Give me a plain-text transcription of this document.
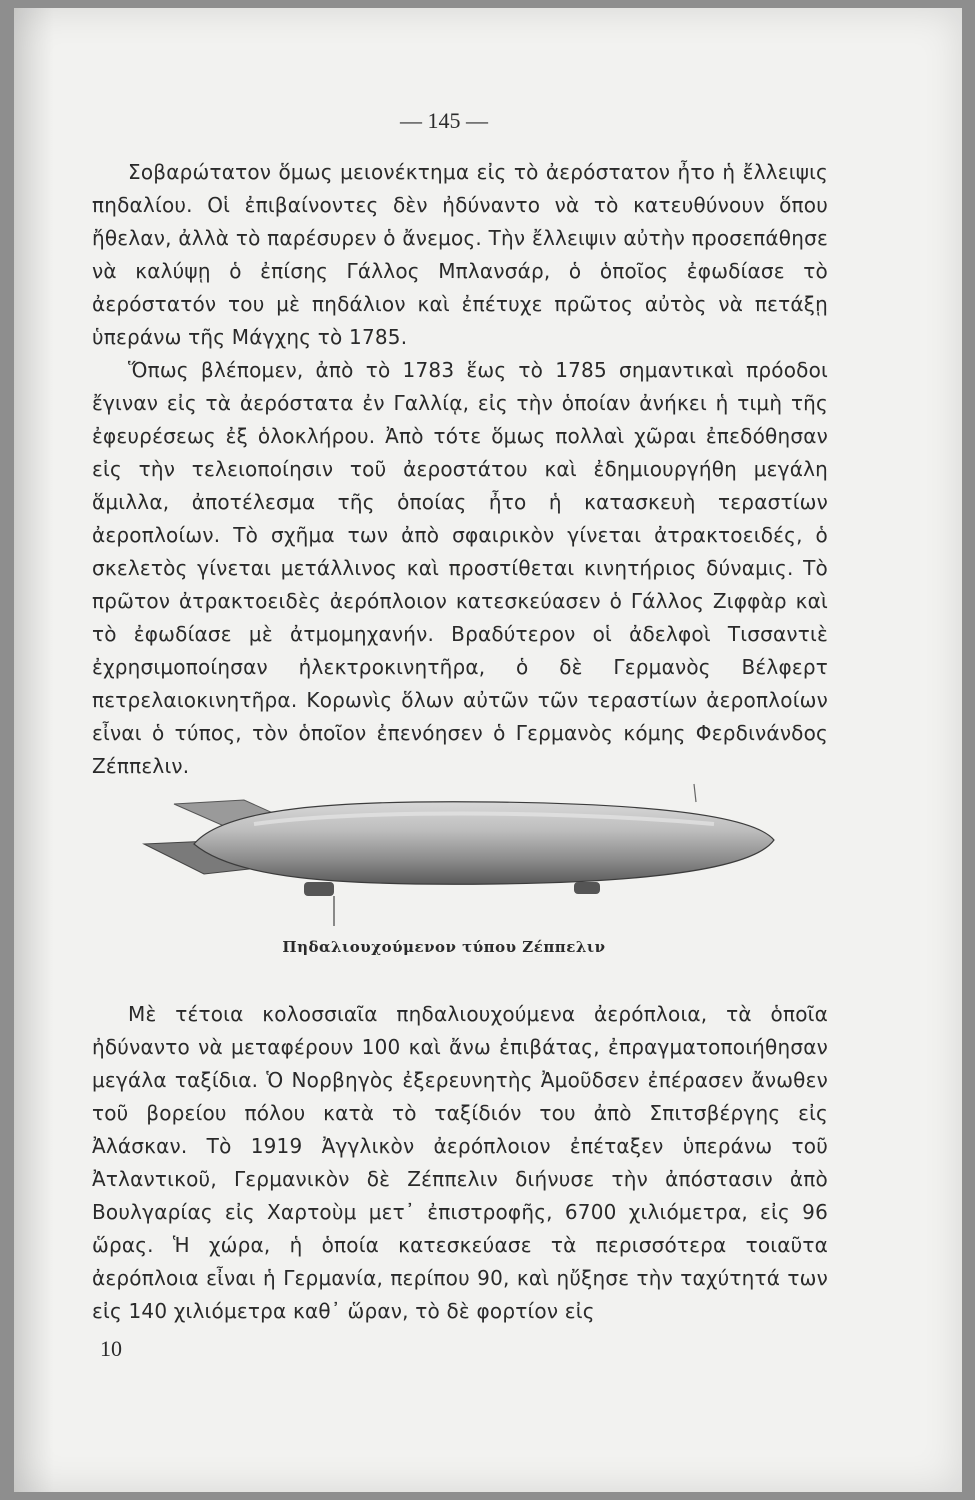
— 145 —

Σοβαρώτατον ὅμως μειονέκτημα εἰς τὸ ἀερόστατον ἦτο ἡ ἔλλειψις πηδαλίου. Οἱ ἐπιβαίνοντες δὲν ἠδύναντο νὰ τὸ κατευθύνουν ὅπου ἤθελαν, ἀλλὰ τὸ παρέσυρεν ὁ ἄνεμος. Τὴν ἔλλειψιν αὐτὴν προσεπάθησε νὰ καλύψῃ ὁ ἐπίσης Γάλλος Μπλανσάρ, ὁ ὁποῖος ἐφωδίασε τὸ ἀερόστατόν του μὲ πηδάλιον καὶ ἐπέτυχε πρῶτος αὐτὸς νὰ πετάξῃ ὑπεράνω τῆς Μάγχης τὸ 1785.

Ὅπως βλέπομεν, ἀπὸ τὸ 1783 ἕως τὸ 1785 σημαντικαὶ πρόοδοι ἔγιναν εἰς τὰ ἀερόστατα ἐν Γαλλίᾳ, εἰς τὴν ὁποίαν ἀνήκει ἡ τιμὴ τῆς ἐφευρέσεως ἐξ ὁλοκλήρου. Ἀπὸ τότε ὅμως πολλαὶ χῶραι ἐπεδόθησαν εἰς τὴν τελειοποίησιν τοῦ ἀεροστάτου καὶ ἐδημιουργήθη μεγάλη ἅμιλλα, ἀποτέλεσμα τῆς ὁποίας ἦτο ἡ κατασκευὴ τεραστίων ἀεροπλοίων. Τὸ σχῆμα των ἀπὸ σφαιρικὸν γίνεται ἀτρακτοειδές, ὁ σκελετὸς γίνεται μετάλλινος καὶ προστίθεται κινητήριος δύναμις. Τὸ πρῶτον ἀτρακτοειδὲς ἀερόπλοιον κατεσκεύασεν ὁ Γάλλος Ζιφφὰρ καὶ τὸ ἐφωδίασε μὲ ἀτμομηχανήν. Βραδύτερον οἱ ἀδελφοὶ Τισσαντιὲ ἐχρησιμοποίησαν ἠλεκτροκινητῆρα, ὁ δὲ Γερμανὸς Βέλφερτ πετρελαιοκινητῆρα. Κορωνὶς ὅλων αὐτῶν τῶν τεραστίων ἀεροπλοίων εἶναι ὁ τύπος, τὸν ὁποῖον ἐπενόησεν ὁ Γερμανὸς κόμης Φερδινάνδος Ζέππελιν.

Πηδαλιουχούμενον τύπου Ζέππελιν

Μὲ τέτοια κολοσσιαῖα πηδαλιουχούμενα ἀερόπλοια, τὰ ὁποῖα ἠδύναντο νὰ μεταφέρουν 100 καὶ ἄνω ἐπιβάτας, ἐπραγματοποιήθησαν μεγάλα ταξίδια. Ὁ Νορβηγὸς ἐξερευνητὴς Ἀμοῦδσεν ἐπέρασεν ἄνωθεν τοῦ βορείου πόλου κατὰ τὸ ταξίδιόν του ἀπὸ Σπιτσβέργης εἰς Ἀλάσκαν. Τὸ 1919 Ἀγγλικὸν ἀερόπλοιον ἐπέταξεν ὑπεράνω τοῦ Ἀτλαντικοῦ, Γερμανικὸν δὲ Ζέππελιν διήνυσε τὴν ἀπόστασιν ἀπὸ Βουλγαρίας εἰς Χαρτοὺμ μετ᾿ ἐπιστροφῆς, 6700 χιλιόμετρα, εἰς 96 ὥρας. Ἡ χώρα, ἡ ὁποία κατεσκεύασε τὰ περισσότερα τοιαῦτα ἀερόπλοια εἶναι ἡ Γερμανία, περίπου 90, καὶ ηὔξησε τὴν ταχύτητά των εἰς 140 χιλιόμετρα καθ᾿ ὥραν, τὸ δὲ φορτίον εἰς

10
